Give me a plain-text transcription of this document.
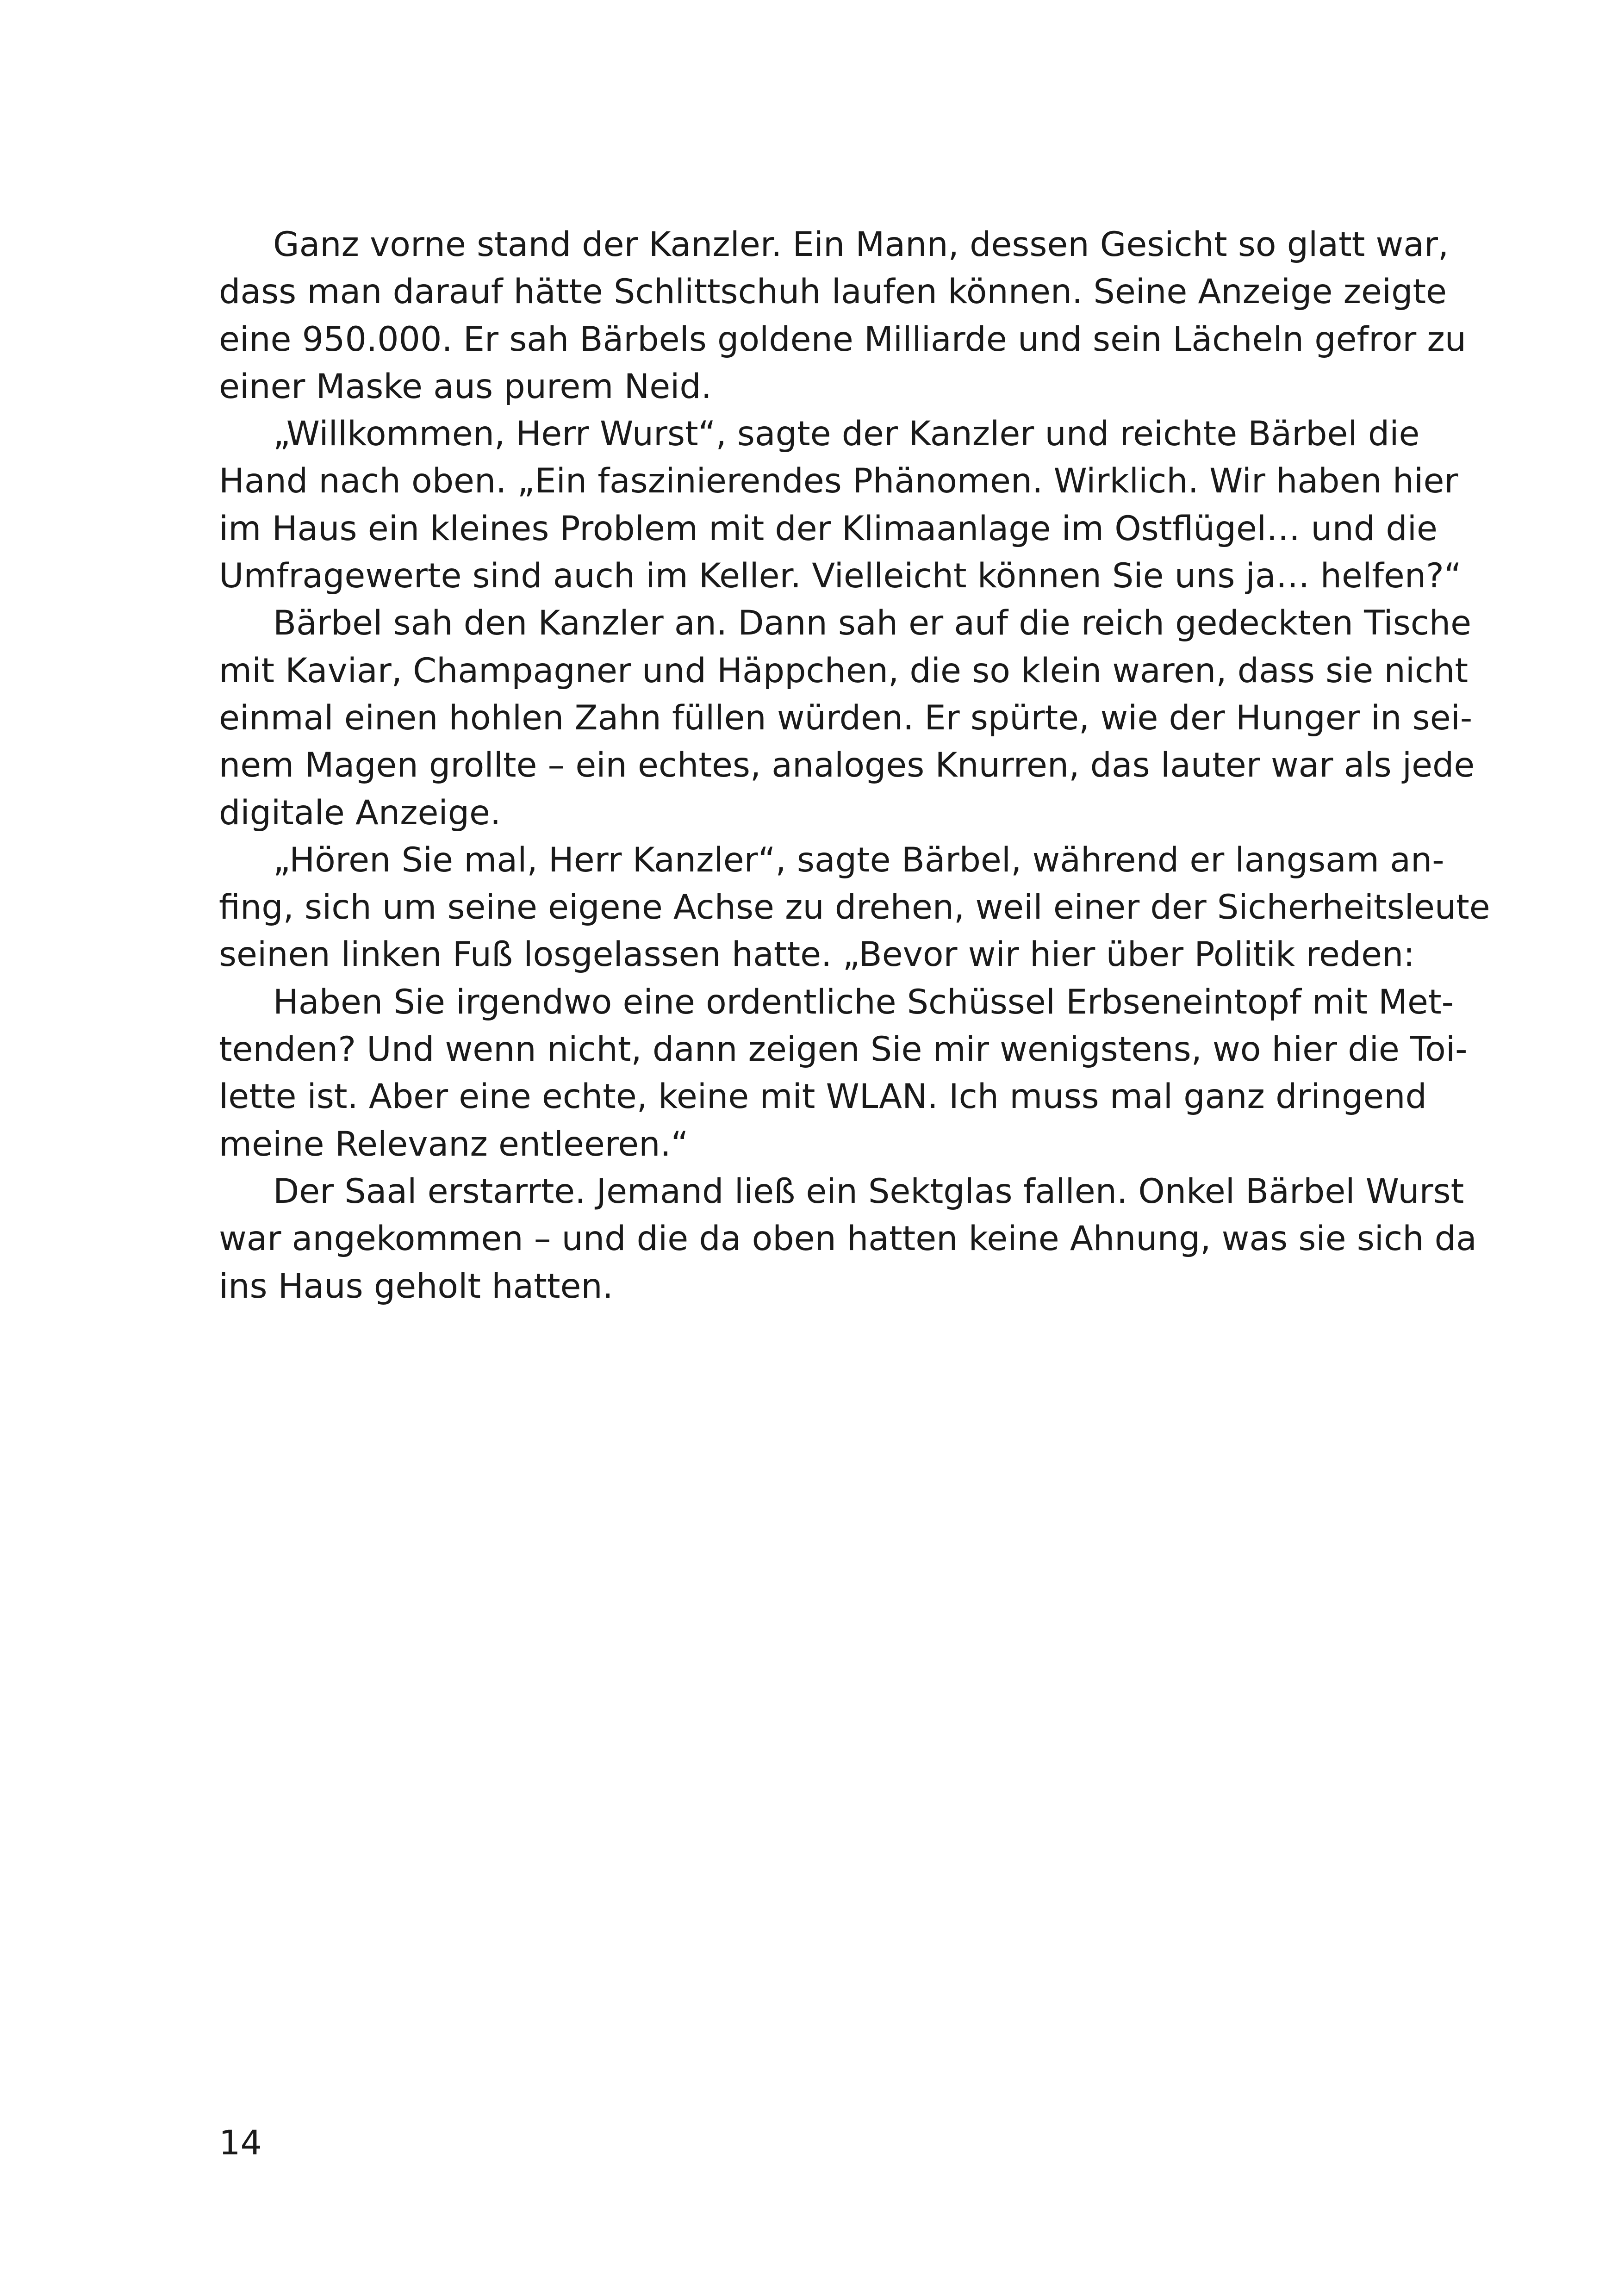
Ganz vorne stand der Kanzler. Ein Mann, dessen Gesicht so glatt war,
dass man darauf hätte Schlittschuh laufen können. Seine Anzeige zeigte
eine 950.000. Er sah Bärbels goldene Milliarde und sein Lächeln gefror zu
einer Maske aus purem Neid.
„Willkommen, Herr Wurst“, sagte der Kanzler und reichte Bärbel die
Hand nach oben. „Ein faszinierendes Phänomen. Wirklich. Wir haben hier
im Haus ein kleines Problem mit der Klimaanlage im Ostflügel… und die
Umfragewerte sind auch im Keller. Vielleicht können Sie uns ja… helfen?“
Bärbel sah den Kanzler an. Dann sah er auf die reich gedeckten Tische
mit Kaviar, Champagner und Häppchen, die so klein waren, dass sie nicht
einmal einen hohlen Zahn füllen würden. Er spürte, wie der Hunger in sei-
nem Magen grollte – ein echtes, analoges Knurren, das lauter war als jede
digitale Anzeige.
„Hören Sie mal, Herr Kanzler“, sagte Bärbel, während er langsam an-
fing, sich um seine eigene Achse zu drehen, weil einer der Sicherheitsleute
seinen linken Fuß losgelassen hatte. „Bevor wir hier über Politik reden:
Haben Sie irgendwo eine ordentliche Schüssel Erbseneintopf mit Met-
tenden? Und wenn nicht, dann zeigen Sie mir wenigstens, wo hier die Toi-
lette ist. Aber eine echte, keine mit WLAN. Ich muss mal ganz dringend
meine Relevanz entleeren.“
Der Saal erstarrte. Jemand ließ ein Sektglas fallen. Onkel Bärbel Wurst
war angekommen – und die da oben hatten keine Ahnung, was sie sich da
ins Haus geholt hatten.
14
